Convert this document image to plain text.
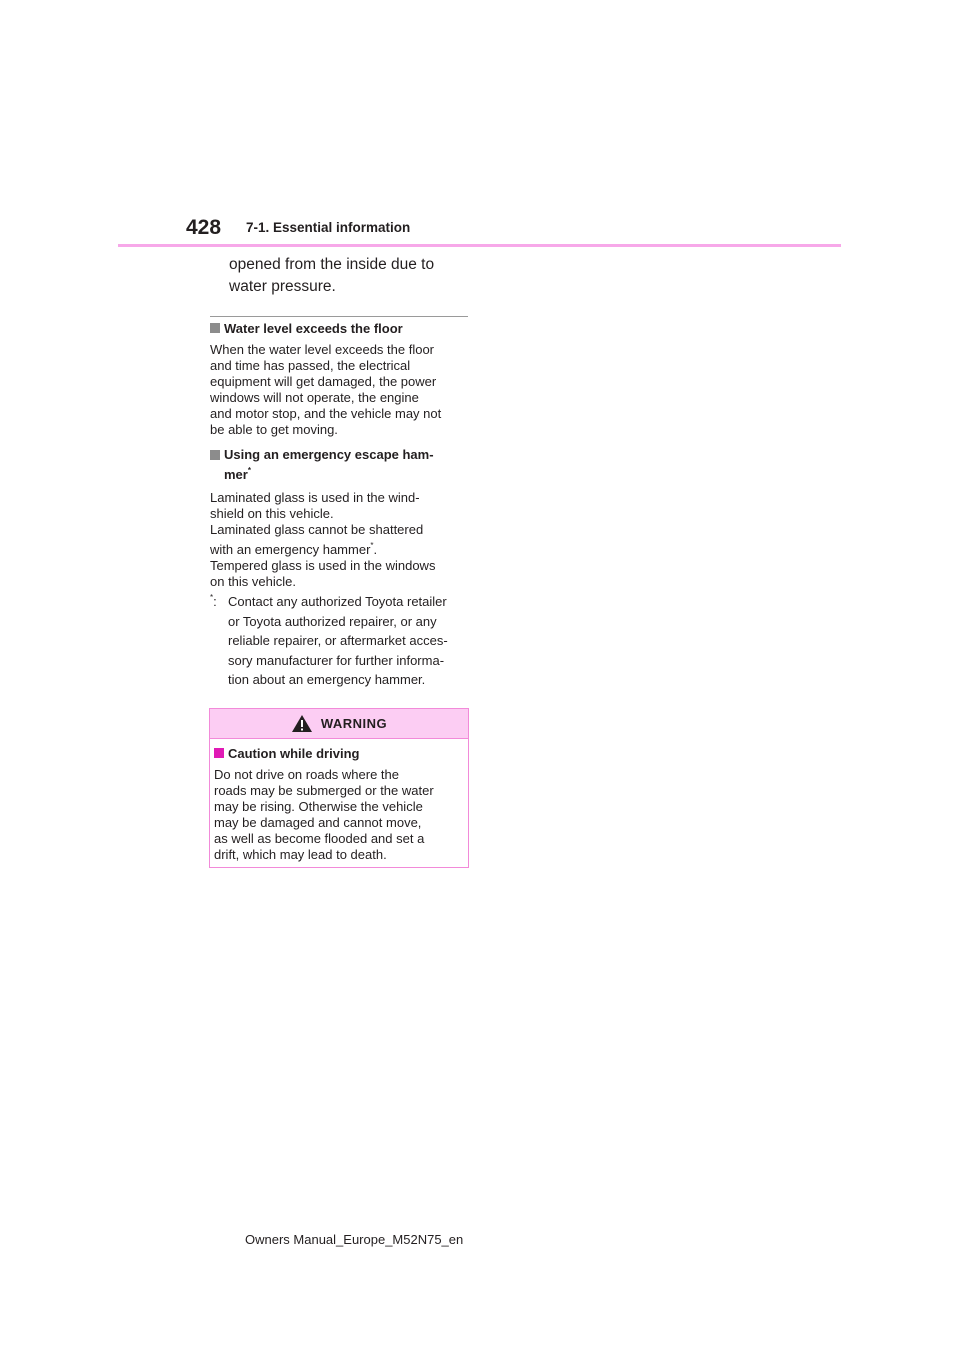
428 7-1. Essential information
opened from the inside due to
water pressure.
Water level exceeds the floor
When the water level exceeds the floor
and time has passed, the electrical
equipment will get damaged, the power
windows will not operate, the engine
and motor stop, and the vehicle may not
be able to get moving.
Using an emergency escape ham-
mer*
Laminated glass is used in the wind-
shield on this vehicle.
Laminated glass cannot be shattered
with an emergency hammer*.
Tempered glass is used in the windows
on this vehicle.
*: Contact any authorized Toyota retailer
or Toyota authorized repairer, or any
reliable repairer, or aftermarket acces-
sory manufacturer for further informa-
tion about an emergency hammer.
WARNING
Caution while driving
Do not drive on roads where the
roads may be submerged or the water
may be rising. Otherwise the vehicle
may be damaged and cannot move,
as well as become flooded and set a
drift, which may lead to death.
Owners Manual_Europe_M52N75_en
